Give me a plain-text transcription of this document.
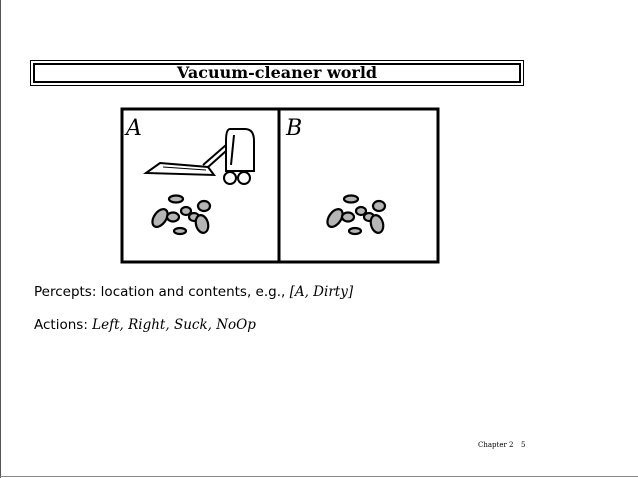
Vacuum-cleaner world
A	B
Percepts: location and contents, e.g., [A, Dirty]
Actions: Left, Right, Suck, NoOp
Chapter 2 5
